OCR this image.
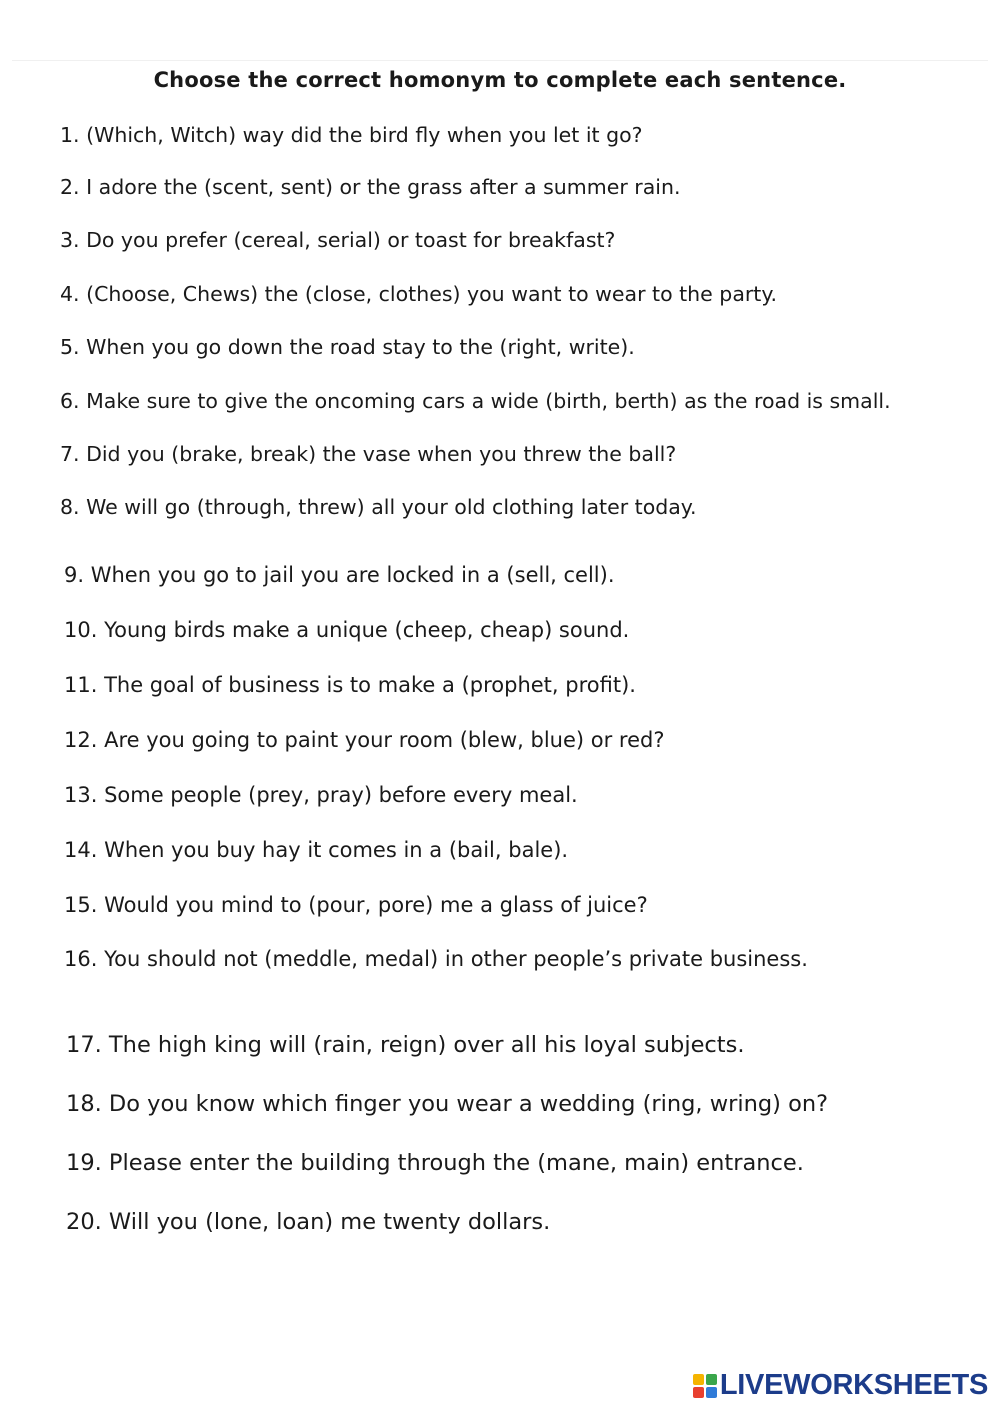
Choose the correct homonym to complete each sentence.
1. (Which, Witch) way did the bird fly when you let it go?
2. I adore the (scent, sent) or the grass after a summer rain.
3. Do you prefer (cereal, serial) or toast for breakfast?
4. (Choose, Chews) the (close, clothes) you want to wear to the party.
5. When you go down the road stay to the (right, write).
6. Make sure to give the oncoming cars a wide (birth, berth) as the road is small.
7. Did you (brake, break) the vase when you threw the ball?
8. We will go (through, threw) all your old clothing later today.
9. When you go to jail you are locked in a (sell, cell).
10. Young birds make a unique (cheep, cheap) sound.
11. The goal of business is to make a (prophet, profit).
12. Are you going to paint your room (blew, blue) or red?
13. Some people (prey, pray) before every meal.
14. When you buy hay it comes in a (bail, bale).
15. Would you mind to (pour, pore) me a glass of juice?
16. You should not (meddle, medal) in other people’s private business.
17. The high king will (rain, reign) over all his loyal subjects.
18. Do you know which finger you wear a wedding (ring, wring) on?
19. Please enter the building through the (mane, main) entrance.
20. Will you (lone, loan) me twenty dollars.
LIVEWORKSHEETS
